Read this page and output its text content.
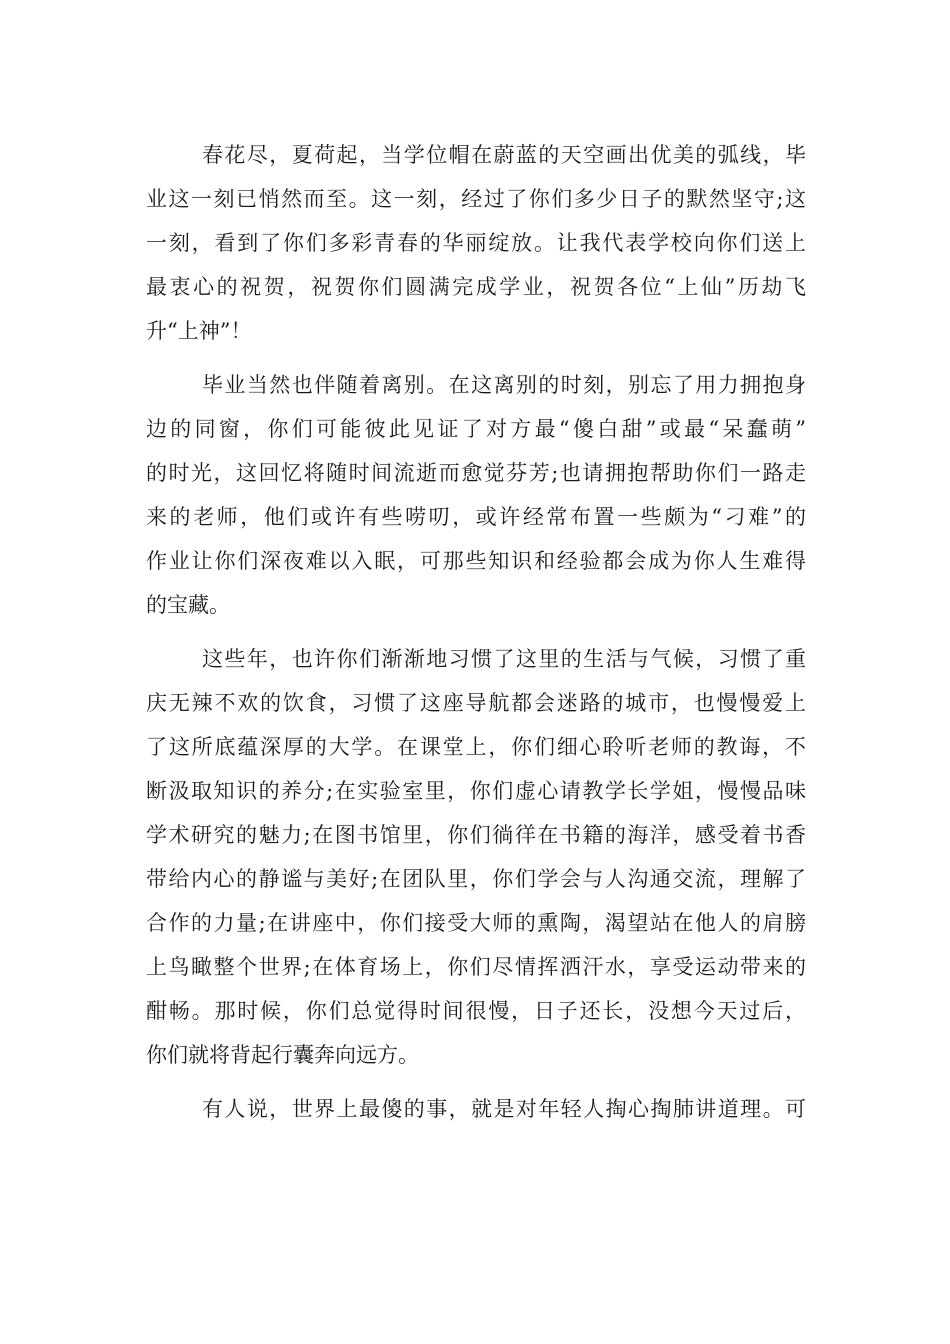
春花尽，夏荷起，当学位帽在蔚蓝的天空画出优美的弧线，毕
业这一刻已悄然而至。这一刻，经过了你们多少日子的默然坚守;这
一刻，看到了你们多彩青春的华丽绽放。让我代表学校向你们送上
最衷心的祝贺，祝贺你们圆满完成学业，祝贺各位“上仙”历劫飞
升“上神”！
毕业当然也伴随着离别。在这离别的时刻，别忘了用力拥抱身
边的同窗，你们可能彼此见证了对方最“傻白甜”或最“呆蠢萌”
的时光，这回忆将随时间流逝而愈觉芬芳;也请拥抱帮助你们一路走
来的老师，他们或许有些唠叨，或许经常布置一些颇为“刁难”的
作业让你们深夜难以入眠，可那些知识和经验都会成为你人生难得
的宝藏。
这些年，也许你们渐渐地习惯了这里的生活与气候，习惯了重
庆无辣不欢的饮食，习惯了这座导航都会迷路的城市，也慢慢爱上
了这所底蕴深厚的大学。在课堂上，你们细心聆听老师的教诲，不
断汲取知识的养分;在实验室里，你们虚心请教学长学姐，慢慢品味
学术研究的魅力;在图书馆里，你们徜徉在书籍的海洋，感受着书香
带给内心的静谧与美好;在团队里，你们学会与人沟通交流，理解了
合作的力量;在讲座中，你们接受大师的熏陶，渴望站在他人的肩膀
上鸟瞰整个世界;在体育场上，你们尽情挥洒汗水，享受运动带来的
酣畅。那时候，你们总觉得时间很慢，日子还长，没想今天过后，
你们就将背起行囊奔向远方。
有人说，世界上最傻的事，就是对年轻人掏心掏肺讲道理。可
